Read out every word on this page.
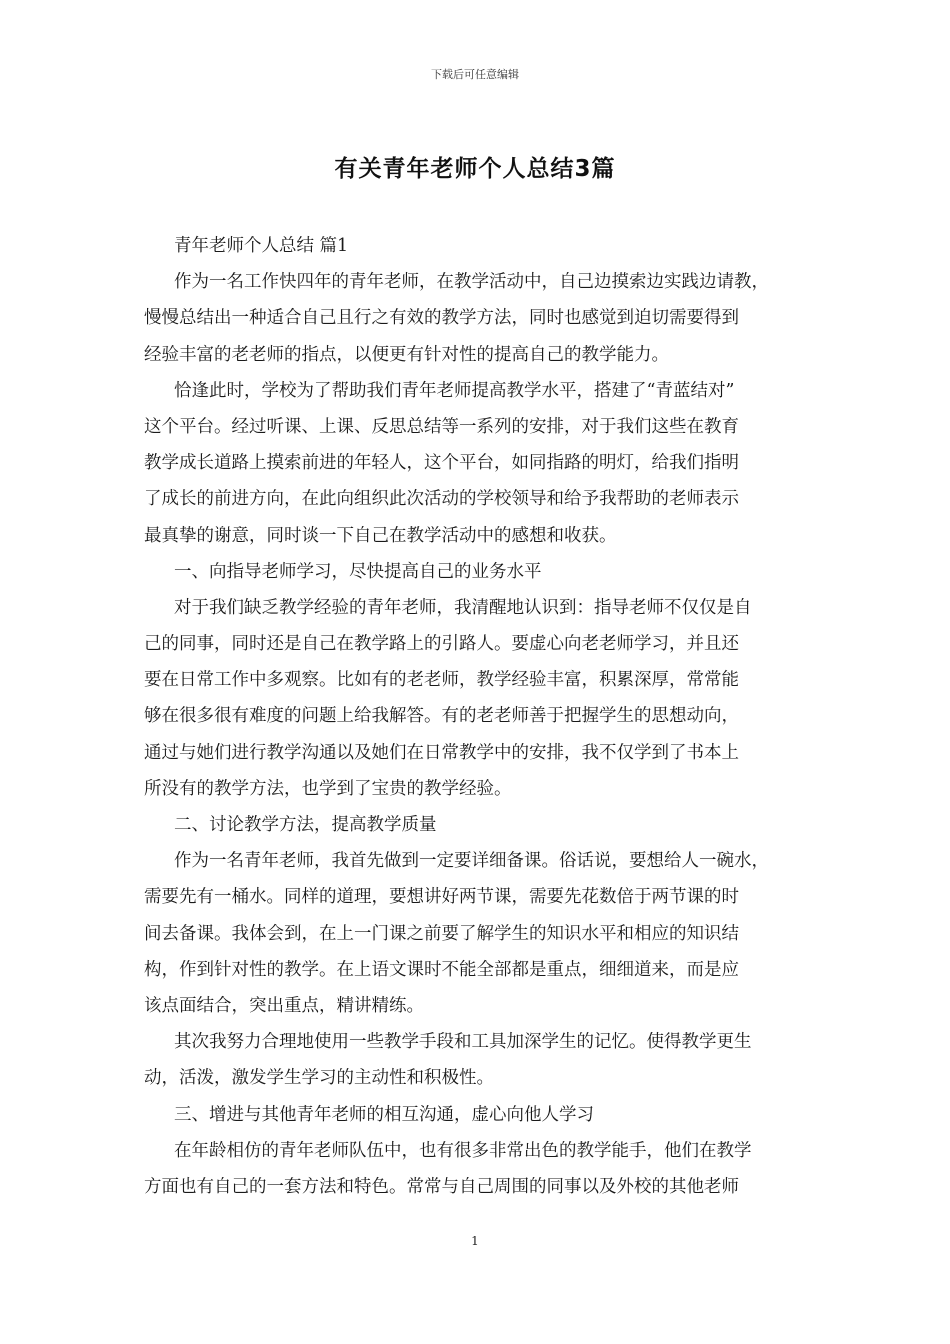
下载后可任意编辑
有关青年老师个人总结3篇
青年老师个人总结 篇1
作为一名工作快四年的青年老师，在教学活动中，自己边摸索边实践边请教，
慢慢总结出一种适合自己且行之有效的教学方法，同时也感觉到迫切需要得到
经验丰富的老老师的指点，以便更有针对性的提高自己的教学能力。
恰逢此时，学校为了帮助我们青年老师提高教学水平，搭建了“青蓝结对”
这个平台。经过听课、上课、反思总结等一系列的安排，对于我们这些在教育
教学成长道路上摸索前进的年轻人，这个平台，如同指路的明灯，给我们指明
了成长的前进方向，在此向组织此次活动的学校领导和给予我帮助的老师表示
最真挚的谢意，同时谈一下自己在教学活动中的感想和收获。
一、向指导老师学习，尽快提高自己的业务水平
对于我们缺乏教学经验的青年老师，我清醒地认识到：指导老师不仅仅是自
己的同事，同时还是自己在教学路上的引路人。要虚心向老老师学习，并且还
要在日常工作中多观察。比如有的老老师，教学经验丰富，积累深厚，常常能
够在很多很有难度的问题上给我解答。有的老老师善于把握学生的思想动向，
通过与她们进行教学沟通以及她们在日常教学中的安排，我不仅学到了书本上
所没有的教学方法，也学到了宝贵的教学经验。
二、讨论教学方法，提高教学质量
作为一名青年老师，我首先做到一定要详细备课。俗话说，要想给人一碗水，
需要先有一桶水。同样的道理，要想讲好两节课，需要先花数倍于两节课的时
间去备课。我体会到，在上一门课之前要了解学生的知识水平和相应的知识结
构，作到针对性的教学。在上语文课时不能全部都是重点，细细道来，而是应
该点面结合，突出重点，精讲精练。
其次我努力合理地使用一些教学手段和工具加深学生的记忆。使得教学更生
动，活泼，激发学生学习的主动性和积极性。
三、增进与其他青年老师的相互沟通，虚心向他人学习
在年龄相仿的青年老师队伍中，也有很多非常出色的教学能手，他们在教学
方面也有自己的一套方法和特色。常常与自己周围的同事以及外校的其他老师
1
